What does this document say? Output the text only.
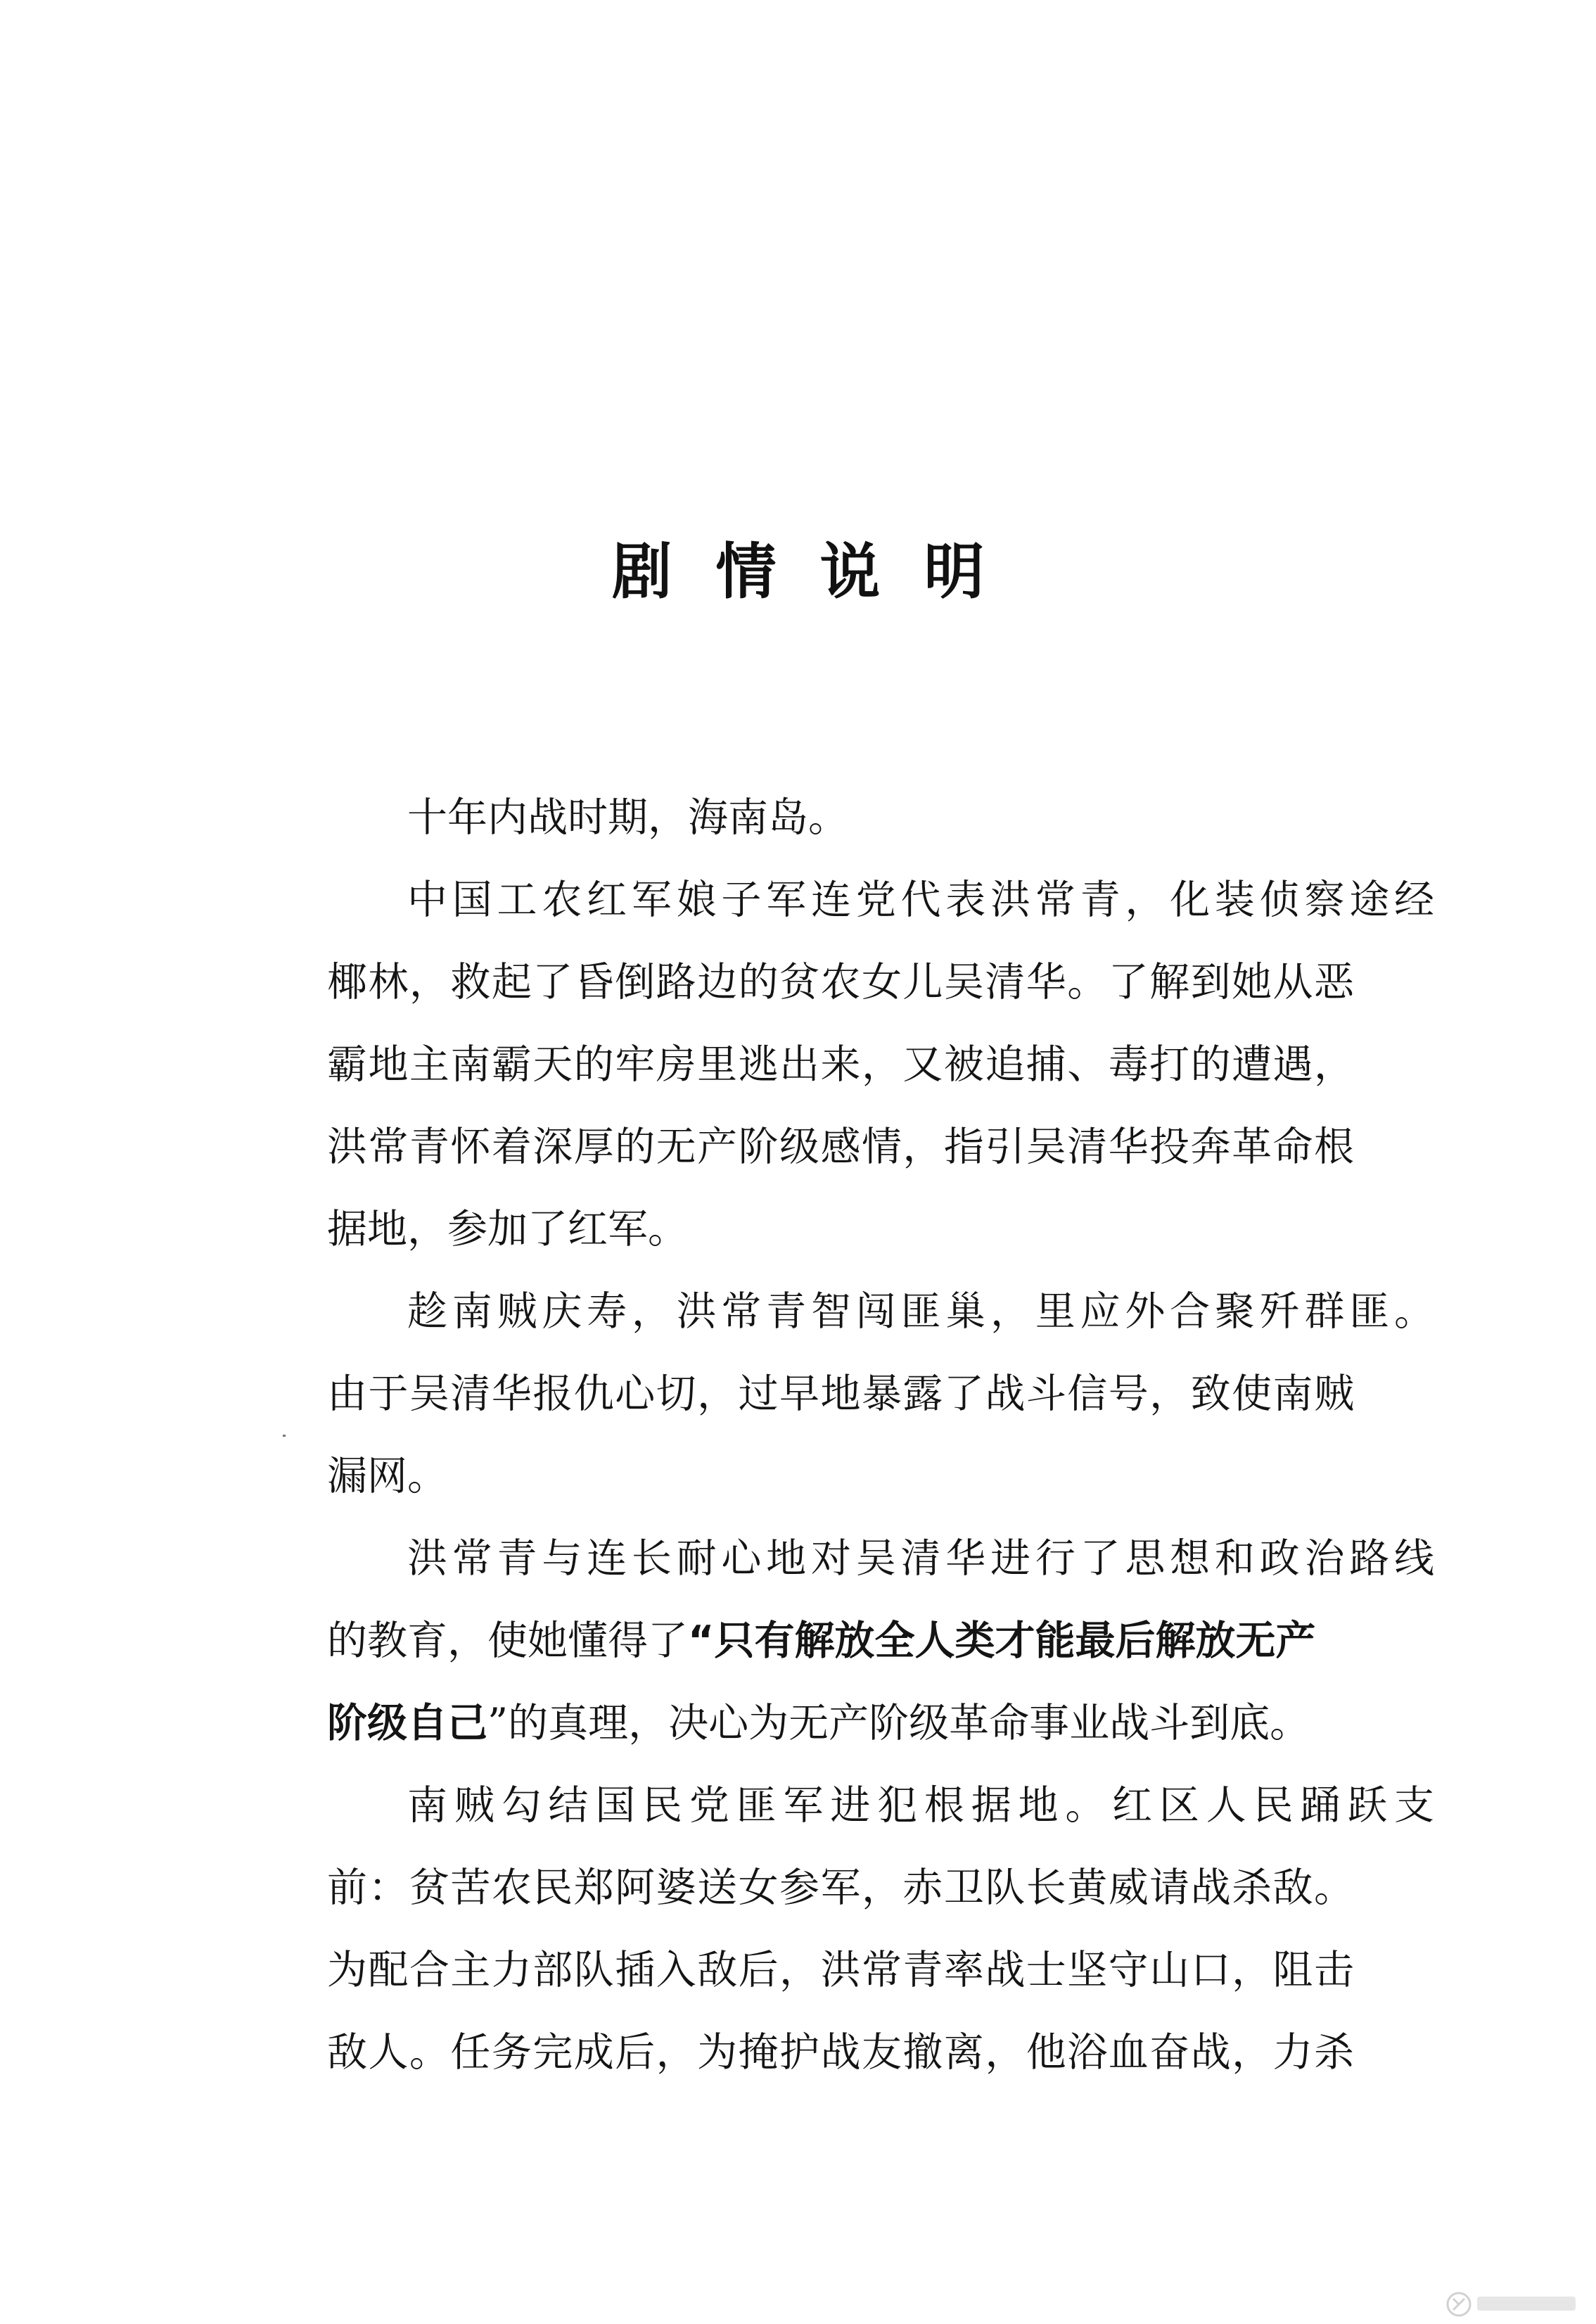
剧情说明

十年内战时期，海南岛。

中国工农红军娘子军连党代表洪常青，化装侦察途经

椰林，救起了昏倒路边的贫农女儿吴清华。了解到她从恶

霸地主南霸天的牢房里逃出来，又被追捕、毒打的遭遇，

洪常青怀着深厚的无产阶级感情，指引吴清华投奔革命根

据地，参加了红军。

趁南贼庆寿，洪常青智闯匪巢，里应外合聚歼群匪。

由于吴清华报仇心切，过早地暴露了战斗信号，致使南贼

漏网。

洪常青与连长耐心地对吴清华进行了思想和政治路线

的教育，使她懂得了“只有解放全人类才能最后解放无产

阶级自己”的真理，决心为无产阶级革命事业战斗到底。

南贼勾结国民党匪军进犯根据地。红区人民踊跃支

前：贫苦农民郑阿婆送女参军，赤卫队长黄威请战杀敌。

为配合主力部队插入敌后，洪常青率战士坚守山口，阻击

敌人。任务完成后，为掩护战友撤离，他浴血奋战，力杀
